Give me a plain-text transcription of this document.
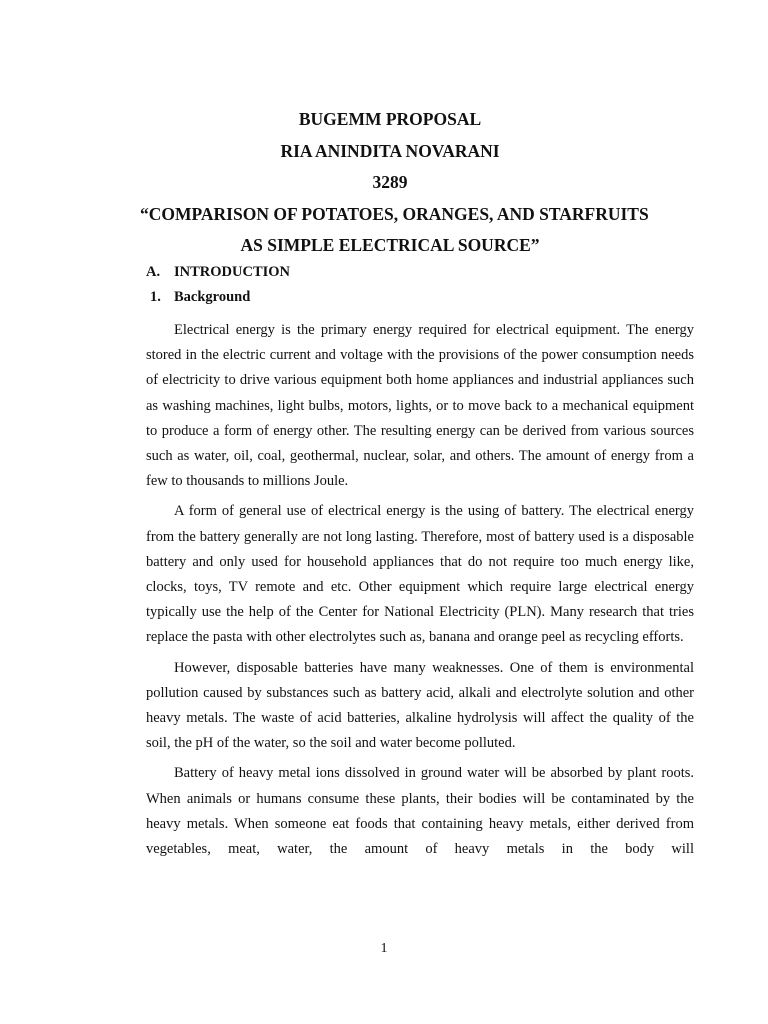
BUGEMM PROPOSAL
RIA ANINDITA NOVARANI
3289
“COMPARISON OF POTATOES, ORANGES, AND STARFRUITS
AS SIMPLE ELECTRICAL SOURCE”
A. INTRODUCTION
1. Background

Electrical energy is the primary energy required for electrical equipment. The energy stored in the electric current and voltage with the provisions of the power consumption needs of electricity to drive various equipment both home appliances and industrial appliances such as washing machines, light bulbs, motors, lights, or to move back to a mechanical equipment to produce a form of energy other. The resulting energy can be derived from various sources such as water, oil, coal, geothermal, nuclear, solar, and others. The amount of energy from a few to thousands to millions Joule.

A form of general use of electrical energy is the using of battery. The electrical energy from the battery generally are not long lasting. Therefore, most of battery used is a disposable battery and only used for household appliances that do not require too much energy like, clocks, toys, TV remote and etc. Other equipment which require large electrical energy typically use the help of the Center for National Electricity (PLN). Many research that tries replace the pasta with other electrolytes such as, banana and orange peel as recycling efforts.

However, disposable batteries have many weaknesses. One of them is environmental pollution caused by substances such as battery acid, alkali and electrolyte solution and other heavy metals. The waste of acid batteries, alkaline hydrolysis will affect the quality of the soil, the pH of the water, so the soil and water become polluted.

Battery of heavy metal ions dissolved in ground water will be absorbed by plant roots. When animals or humans consume these plants, their bodies will be contaminated by the heavy metals. When someone eat foods that containing heavy metals, either derived from vegetables, meat, water, the amount of heavy metals in the body will

1
